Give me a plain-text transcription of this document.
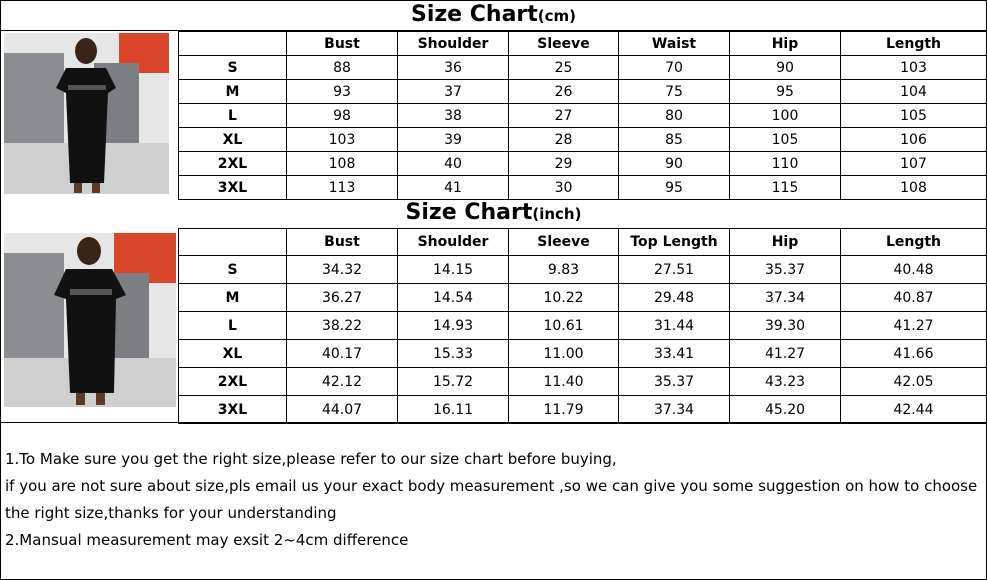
Size Chart(cm)
	Bust	Shoulder	Sleeve	Waist	Hip	Length
S	88	36	25	70	90	103
M	93	37	26	75	95	104
L	98	38	27	80	100	105
XL	103	39	28	85	105	106
2XL	108	40	29	90	110	107
3XL	113	41	30	95	115	108
Size Chart(inch)
	Bust	Shoulder	Sleeve	Top Length	Hip	Length
S	34.32	14.15	9.83	27.51	35.37	40.48
M	36.27	14.54	10.22	29.48	37.34	40.87
L	38.22	14.93	10.61	31.44	39.30	41.27
XL	40.17	15.33	11.00	33.41	41.27	41.66
2XL	42.12	15.72	11.40	35.37	43.23	42.05
3XL	44.07	16.11	11.79	37.34	45.20	42.44

1.To Make sure you get the right size,please refer to our size chart before buying,

if you are not sure about size,pls email us your exact body measurement ,so we can give you some suggestion on how to choose the right size,thanks for your understanding

2.Mansual measurement may exsit 2~4cm difference
